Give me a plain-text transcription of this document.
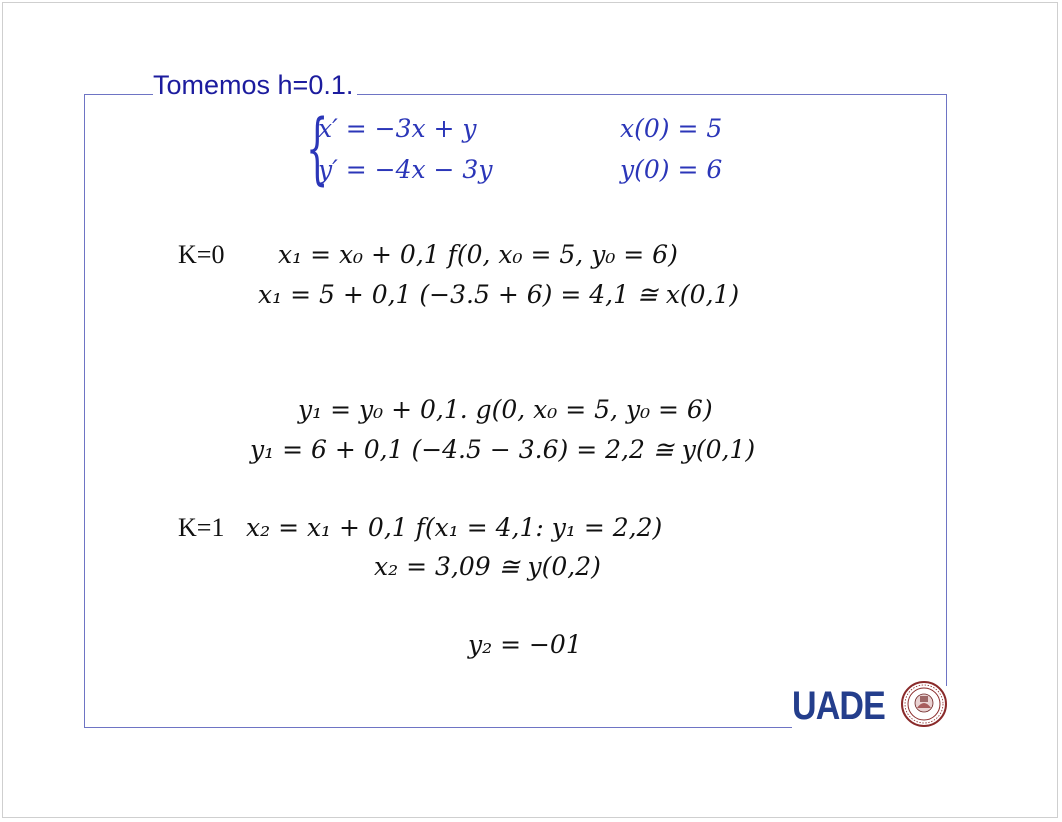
Tomemos h=0.1.
{
x′ = −3x + y
y′ = −4x − 3y
x(0) = 5
y(0) = 6
K=0 x₁ = x₀ + 0,1 f(0, x₀ = 5, y₀ = 6)
x₁ = 5 + 0,1 (−3.5 + 6) = 4,1 ≅ x(0,1)
y₁ = y₀ + 0,1. g(0, x₀ = 5, y₀ = 6)
y₁ = 6 + 0,1 (−4.5 − 3.6) = 2,2 ≅ y(0,1)
K=1 x₂ = x₁ + 0,1 f(x₁ = 4,1: y₁ = 2,2)
x₂ = 3,09 ≅ y(0,2)
y₂ = −01
UADE
